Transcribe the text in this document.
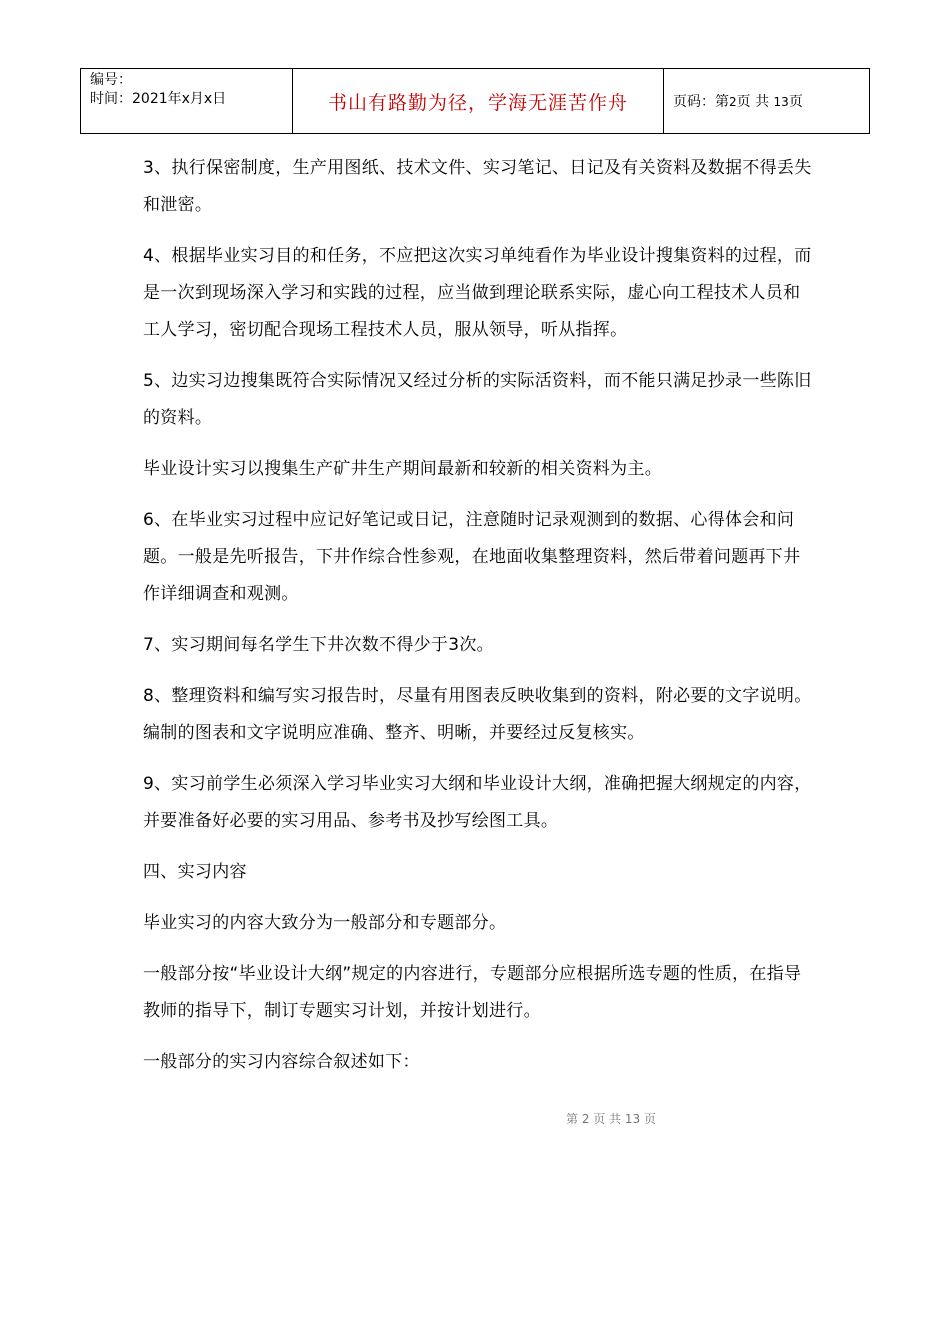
编号：
时间：2021年x月x日	书山有路勤为径，学海无涯苦作舟	页码：第2页 共 13页

3、执行保密制度，生产用图纸、技术文件、实习笔记、日记及有关资料及数据不得丢失和泄密。

4、根据毕业实习目的和任务，不应把这次实习单纯看作为毕业设计搜集资料的过程，而是一次到现场深入学习和实践的过程，应当做到理论联系实际，虚心向工程技术人员和工人学习，密切配合现场工程技术人员，服从领导，听从指挥。

5、边实习边搜集既符合实际情况又经过分析的实际活资料，而不能只满足抄录一些陈旧的资料。

毕业设计实习以搜集生产矿井生产期间最新和较新的相关资料为主。

6、在毕业实习过程中应记好笔记或日记，注意随时记录观测到的数据、心得体会和问题。一般是先听报告，下井作综合性参观，在地面收集整理资料，然后带着问题再下井作详细调查和观测。

7、实习期间每名学生下井次数不得少于3次。

8、整理资料和编写实习报告时，尽量有用图表反映收集到的资料，附必要的文字说明。编制的图表和文字说明应准确、整齐、明晰，并要经过反复核实。

9、实习前学生必须深入学习毕业实习大纲和毕业设计大纲，准确把握大纲规定的内容，并要准备好必要的实习用品、参考书及抄写绘图工具。

四、实习内容

毕业实习的内容大致分为一般部分和专题部分。

一般部分按“毕业设计大纲”规定的内容进行，专题部分应根据所选专题的性质，在指导教师的指导下，制订专题实习计划，并按计划进行。

一般部分的实习内容综合叙述如下：

第 2 页 共 13 页
